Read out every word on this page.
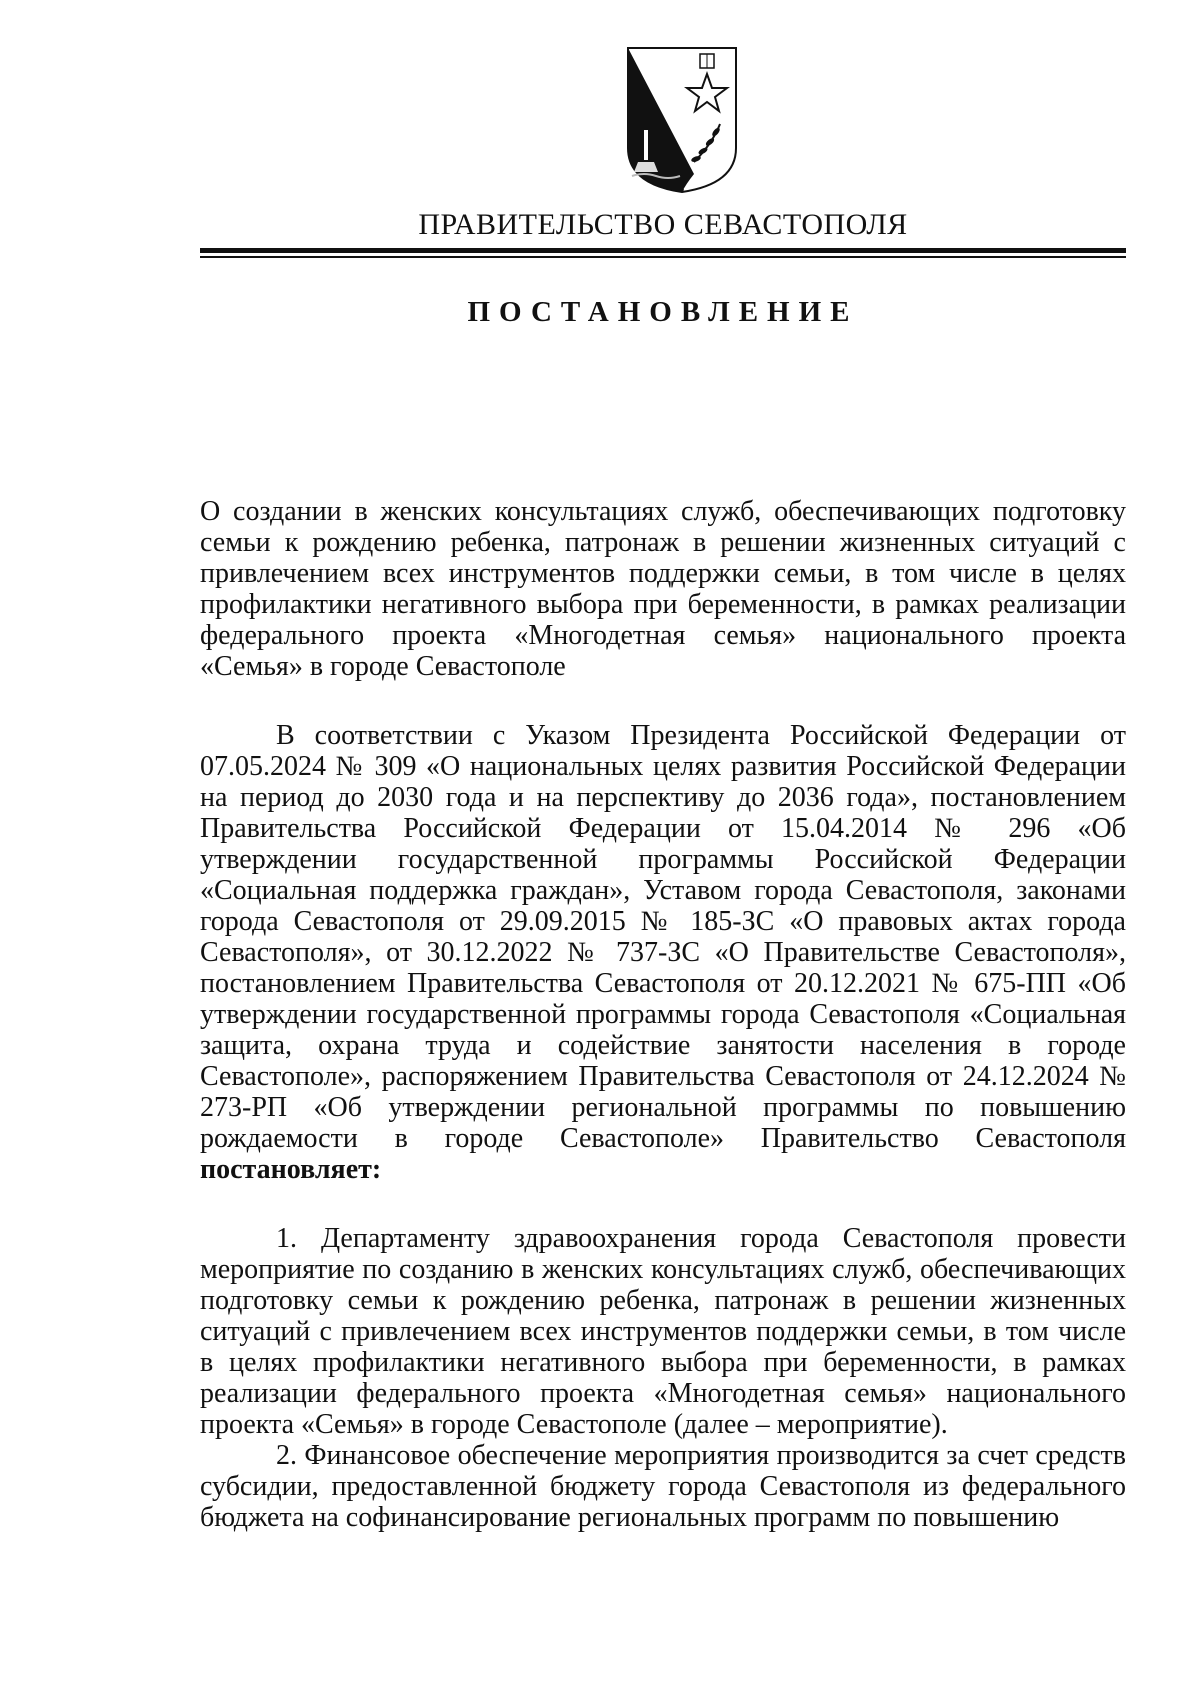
ПРАВИТЕЛЬСТВО СЕВАСТОПОЛЯ
ПОСТАНОВЛЕНИЕ

О создании в женских консультациях служб, обеспечивающих подготовку семьи к рождению ребенка, патронаж в решении жизненных ситуаций с привлечением всех инструментов поддержки семьи, в том числе в целях профилактики негативного выбора при беременности, в рамках реализации федерального проекта «Многодетная семья» национального проекта «Семья» в городе Севастополе

В соответствии с Указом Президента Российской Федерации от 07.05.2024 № 309 «О национальных целях развития Российской Федерации на период до 2030 года и на перспективу до 2036 года», постановлением Правительства Российской Федерации от 15.04.2014 № 296 «Об утверждении государственной программы Российской Федерации «Социальная поддержка граждан», Уставом города Севастополя, законами города Севастополя от 29.09.2015 № 185-ЗС «О правовых актах города Севастополя», от 30.12.2022 № 737-ЗС «О Правительстве Севастополя», постановлением Правительства Севастополя от 20.12.2021 № 675-ПП «Об утверждении государственной программы города Севастополя «Социальная защита, охрана труда и содействие занятости населения в городе Севастополе», распоряжением Правительства Севастополя от 24.12.2024 № 273-РП «Об утверждении региональной программы по повышению рождаемости в городе Севастополе» Правительство Севастополя постановляет:

1. Департаменту здравоохранения города Севастополя провести мероприятие по созданию в женских консультациях служб, обеспечивающих подготовку семьи к рождению ребенка, патронаж в решении жизненных ситуаций с привлечением всех инструментов поддержки семьи, в том числе в целях профилактики негативного выбора при беременности, в рамках реализации федерального проекта «Многодетная семья» национального проекта «Семья» в городе Севастополе (далее – мероприятие).

2. Финансовое обеспечение мероприятия производится за счет средств субсидии, предоставленной бюджету города Севастополя из федерального бюджета на софинансирование региональных программ по повышению
